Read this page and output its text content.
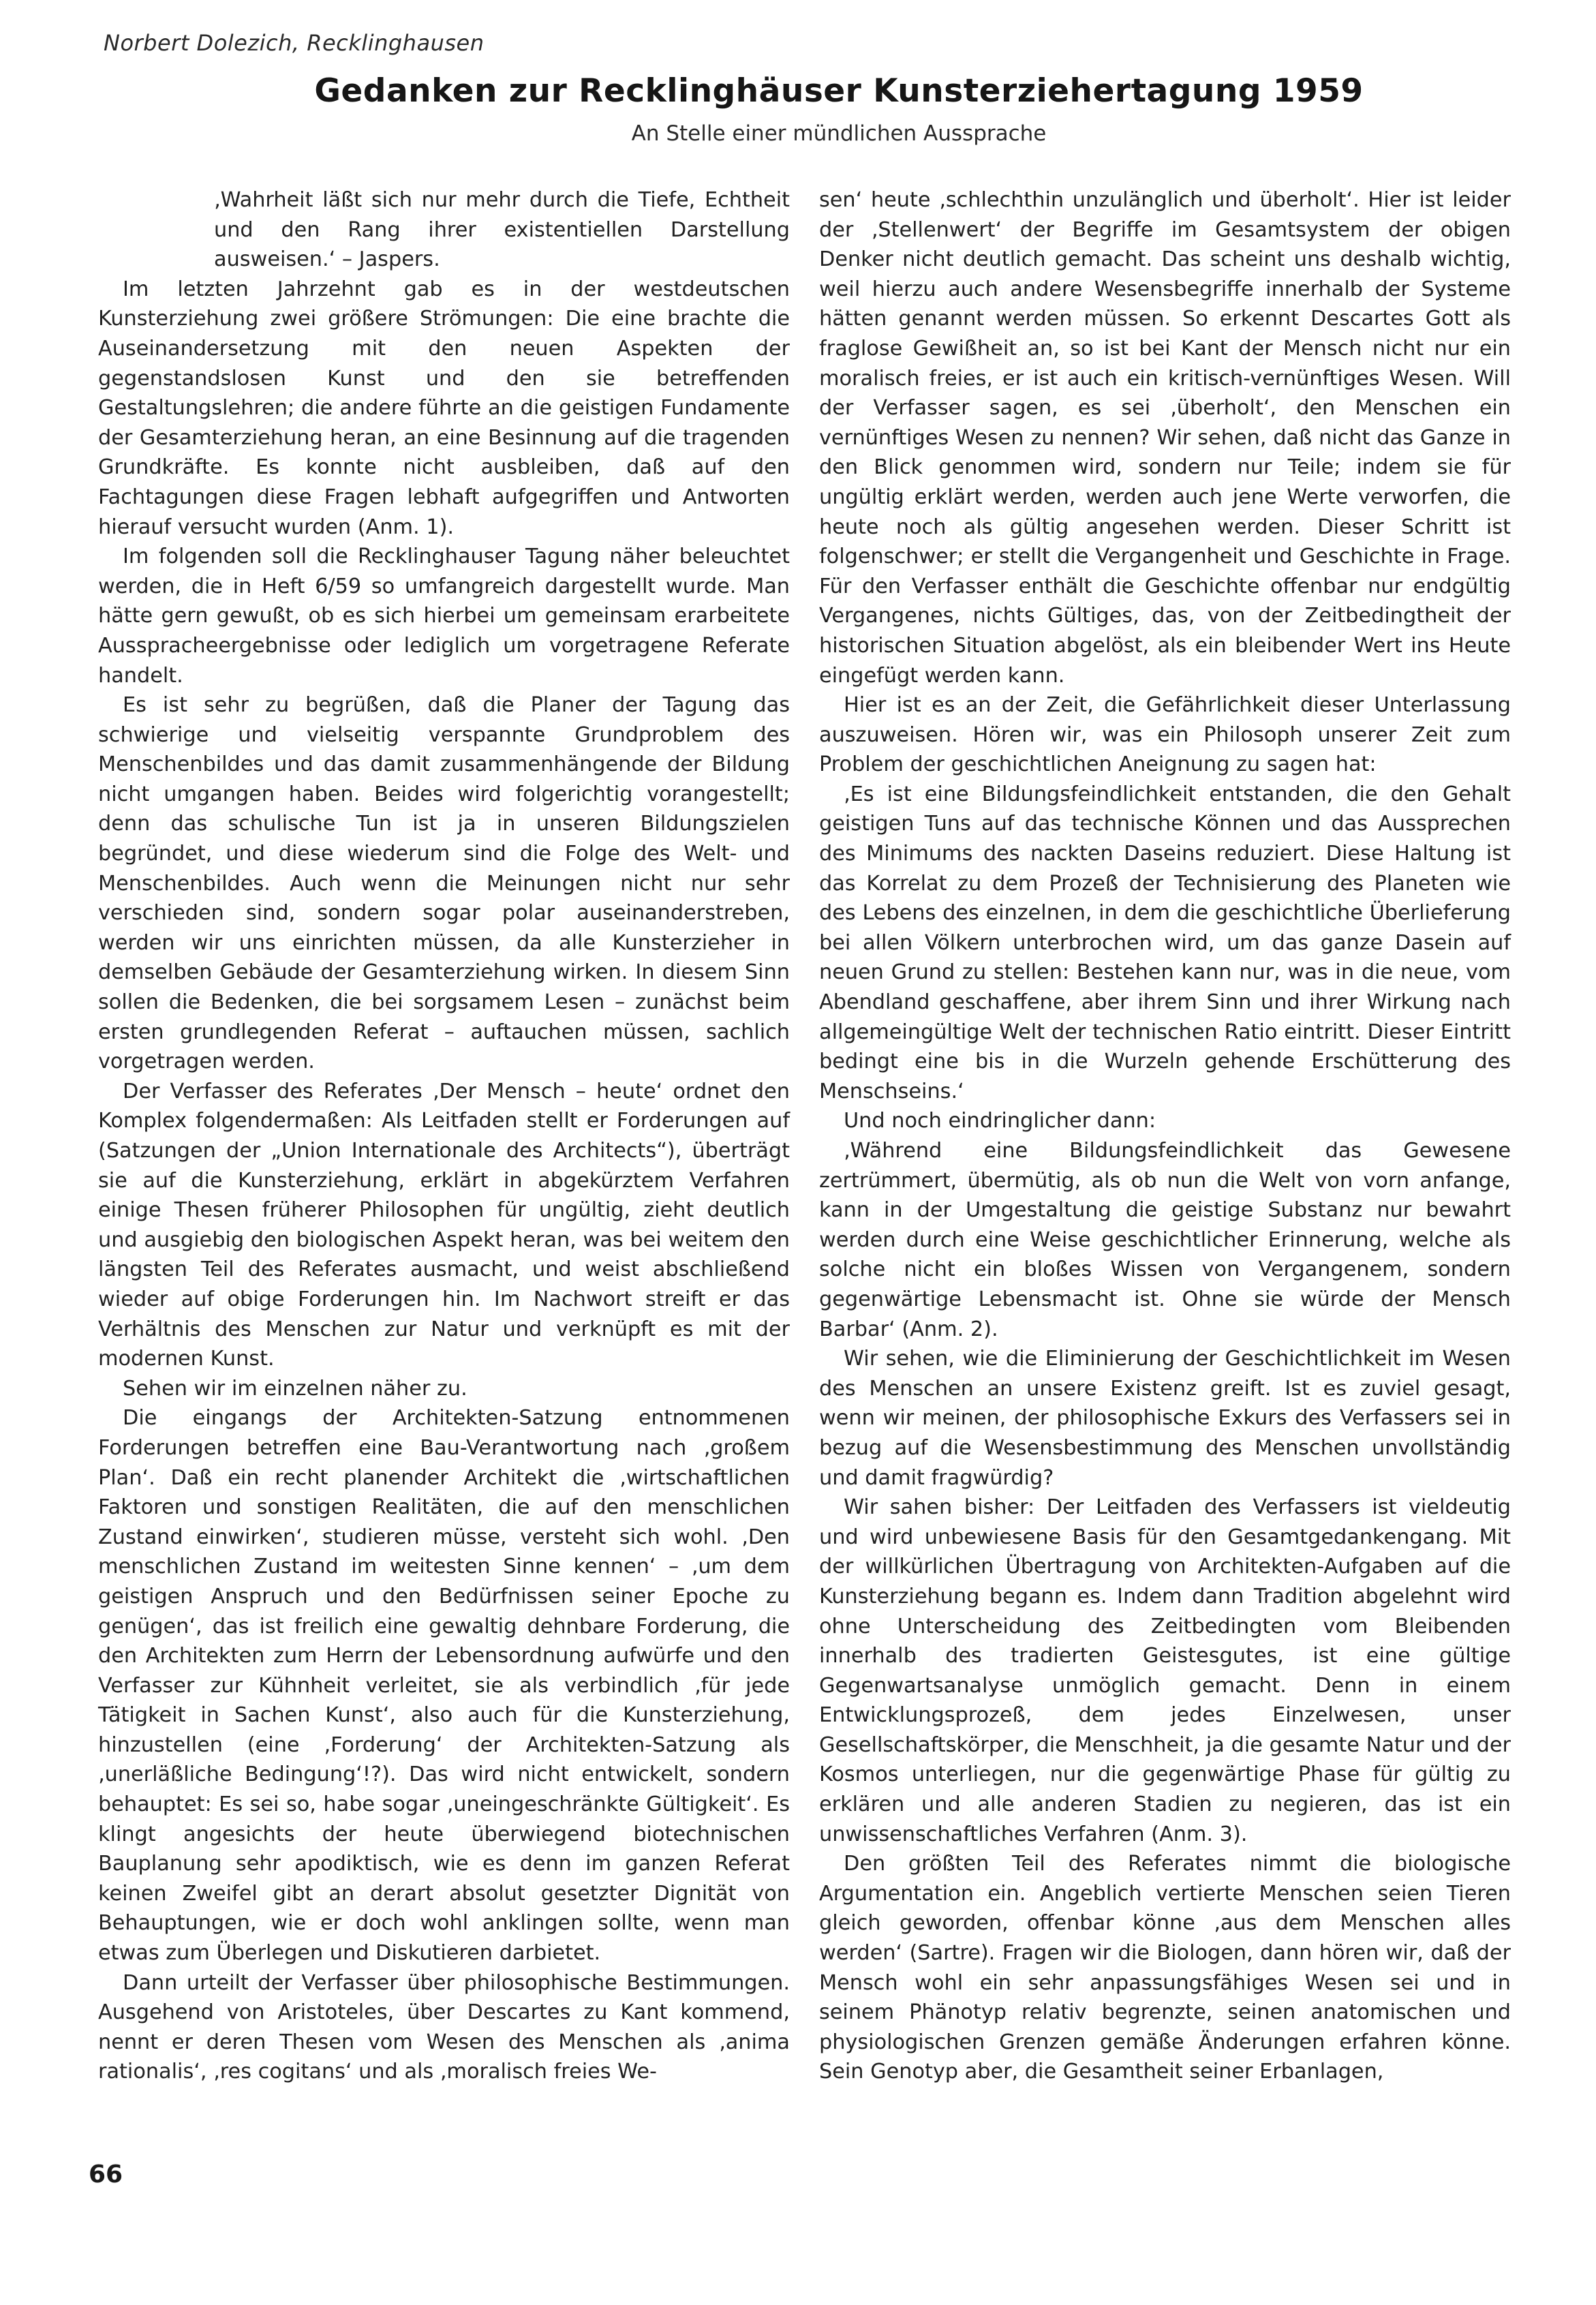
Norbert Dolezich, Recklinghausen
Gedanken zur Recklinghäuser Kunsterziehertagung 1959
An Stelle einer mündlichen Aussprache

‚Wahrheit läßt sich nur mehr durch die Tiefe, Echtheit und den Rang ihrer existentiellen Darstellung ausweisen.‘ – Jaspers.

Im letzten Jahrzehnt gab es in der westdeutschen Kunsterziehung zwei größere Strömungen: Die eine brachte die Auseinandersetzung mit den neuen Aspekten der gegenstandslosen Kunst und den sie betreffenden Gestaltungslehren; die andere führte an die geistigen Fundamente der Gesamterziehung heran, an eine Besinnung auf die tragenden Grundkräfte. Es konnte nicht ausbleiben, daß auf den Fachtagungen diese Fragen lebhaft aufgegriffen und Antworten hierauf versucht wurden (Anm. 1).

Im folgenden soll die Recklinghauser Tagung näher beleuchtet werden, die in Heft 6/59 so umfangreich dargestellt wurde. Man hätte gern gewußt, ob es sich hierbei um gemeinsam erarbeitete Ausspracheergebnisse oder lediglich um vorgetragene Referate handelt.

Es ist sehr zu begrüßen, daß die Planer der Tagung das schwierige und vielseitig verspannte Grundproblem des Menschenbildes und das damit zusammenhängende der Bildung nicht umgangen haben. Beides wird folgerichtig vorangestellt; denn das schulische Tun ist ja in unseren Bildungszielen begründet, und diese wiederum sind die Folge des Welt- und Menschenbildes. Auch wenn die Meinungen nicht nur sehr verschieden sind, sondern sogar polar auseinanderstreben, werden wir uns einrichten müssen, da alle Kunsterzieher in demselben Gebäude der Gesamterziehung wirken. In diesem Sinn sollen die Bedenken, die bei sorgsamem Lesen – zunächst beim ersten grundlegenden Referat – auftauchen müssen, sachlich vorgetragen werden.

Der Verfasser des Referates ‚Der Mensch – heute‘ ordnet den Komplex folgendermaßen: Als Leitfaden stellt er Forderungen auf (Satzungen der „Union Internationale des Architects“), überträgt sie auf die Kunsterziehung, erklärt in abgekürztem Verfahren einige Thesen früherer Philosophen für ungültig, zieht deutlich und ausgiebig den biologischen Aspekt heran, was bei weitem den längsten Teil des Referates ausmacht, und weist abschließend wieder auf obige Forderungen hin. Im Nachwort streift er das Verhältnis des Menschen zur Natur und verknüpft es mit der modernen Kunst.

Sehen wir im einzelnen näher zu.

Die eingangs der Architekten-Satzung entnommenen Forderungen betreffen eine Bau-Verantwortung nach ‚großem Plan‘. Daß ein recht planender Architekt die ‚wirtschaftlichen Faktoren und sonstigen Realitäten, die auf den menschlichen Zustand einwirken‘, studieren müsse, versteht sich wohl. ‚Den menschlichen Zustand im weitesten Sinne kennen‘ – ‚um dem geistigen Anspruch und den Bedürfnissen seiner Epoche zu genügen‘, das ist freilich eine gewaltig dehnbare Forderung, die den Architekten zum Herrn der Lebensordnung aufwürfe und den Verfasser zur Kühnheit verleitet, sie als verbindlich ‚für jede Tätigkeit in Sachen Kunst‘, also auch für die Kunsterziehung, hinzustellen (eine ‚Forderung‘ der Architekten-Satzung als ‚unerläßliche Bedingung‘!?). Das wird nicht entwickelt, sondern behauptet: Es sei so, habe sogar ‚uneingeschränkte Gültigkeit‘. Es klingt angesichts der heute überwiegend biotechnischen Bauplanung sehr apodiktisch, wie es denn im ganzen Referat keinen Zweifel gibt an derart absolut gesetzter Dignität von Behauptungen, wie er doch wohl anklingen sollte, wenn man etwas zum Überlegen und Diskutieren darbietet.

Dann urteilt der Verfasser über philosophische Bestimmungen. Ausgehend von Aristoteles, über Descartes zu Kant kommend, nennt er deren Thesen vom Wesen des Menschen als ‚anima rationalis‘, ‚res cogitans‘ und als ‚moralisch freies We-

sen‘ heute ‚schlechthin unzulänglich und überholt‘. Hier ist leider der ‚Stellenwert‘ der Begriffe im Gesamtsystem der obigen Denker nicht deutlich gemacht. Das scheint uns deshalb wichtig, weil hierzu auch andere Wesensbegriffe innerhalb der Systeme hätten genannt werden müssen. So erkennt Descartes Gott als fraglose Gewißheit an, so ist bei Kant der Mensch nicht nur ein moralisch freies, er ist auch ein kritisch-vernünftiges Wesen. Will der Verfasser sagen, es sei ‚überholt‘, den Menschen ein vernünftiges Wesen zu nennen? Wir sehen, daß nicht das Ganze in den Blick genommen wird, sondern nur Teile; indem sie für ungültig erklärt werden, werden auch jene Werte verworfen, die heute noch als gültig angesehen werden. Dieser Schritt ist folgenschwer; er stellt die Vergangenheit und Geschichte in Frage. Für den Verfasser enthält die Geschichte offenbar nur endgültig Vergangenes, nichts Gültiges, das, von der Zeitbedingtheit der historischen Situation abgelöst, als ein bleibender Wert ins Heute eingefügt werden kann.

Hier ist es an der Zeit, die Gefährlichkeit dieser Unterlassung auszuweisen. Hören wir, was ein Philosoph unserer Zeit zum Problem der geschichtlichen Aneignung zu sagen hat:

‚Es ist eine Bildungsfeindlichkeit entstanden, die den Gehalt geistigen Tuns auf das technische Können und das Aussprechen des Minimums des nackten Daseins reduziert. Diese Haltung ist das Korrelat zu dem Prozeß der Technisierung des Planeten wie des Lebens des einzelnen, in dem die geschichtliche Überlieferung bei allen Völkern unterbrochen wird, um das ganze Dasein auf neuen Grund zu stellen: Bestehen kann nur, was in die neue, vom Abendland geschaffene, aber ihrem Sinn und ihrer Wirkung nach allgemeingültige Welt der technischen Ratio eintritt. Dieser Eintritt bedingt eine bis in die Wurzeln gehende Erschütterung des Menschseins.‘

Und noch eindringlicher dann:

‚Während eine Bildungsfeindlichkeit das Gewesene zertrümmert, übermütig, als ob nun die Welt von vorn anfange, kann in der Umgestaltung die geistige Substanz nur bewahrt werden durch eine Weise geschichtlicher Erinnerung, welche als solche nicht ein bloßes Wissen von Vergangenem, sondern gegenwärtige Lebensmacht ist. Ohne sie würde der Mensch Barbar‘ (Anm. 2).

Wir sehen, wie die Eliminierung der Geschichtlichkeit im Wesen des Menschen an unsere Existenz greift. Ist es zuviel gesagt, wenn wir meinen, der philosophische Exkurs des Verfassers sei in bezug auf die Wesensbestimmung des Menschen unvollständig und damit fragwürdig?

Wir sahen bisher: Der Leitfaden des Verfassers ist vieldeutig und wird unbewiesene Basis für den Gesamtgedankengang. Mit der willkürlichen Übertragung von Architekten-Aufgaben auf die Kunsterziehung begann es. Indem dann Tradition abgelehnt wird ohne Unterscheidung des Zeitbedingten vom Bleibenden innerhalb des tradierten Geistesgutes, ist eine gültige Gegenwartsanalyse unmöglich gemacht. Denn in einem Entwicklungsprozeß, dem jedes Einzelwesen, unser Gesellschaftskörper, die Menschheit, ja die gesamte Natur und der Kosmos unterliegen, nur die gegenwärtige Phase für gültig zu erklären und alle anderen Stadien zu negieren, das ist ein unwissenschaftliches Verfahren (Anm. 3).

Den größten Teil des Referates nimmt die biologische Argumentation ein. Angeblich vertierte Menschen seien Tieren gleich geworden, offenbar könne ‚aus dem Menschen alles werden‘ (Sartre). Fragen wir die Biologen, dann hören wir, daß der Mensch wohl ein sehr anpassungsfähiges Wesen sei und in seinem Phänotyp relativ begrenzte, seinen anatomischen und physiologischen Grenzen gemäße Änderungen erfahren könne. Sein Genotyp aber, die Gesamtheit seiner Erbanlagen,

66
